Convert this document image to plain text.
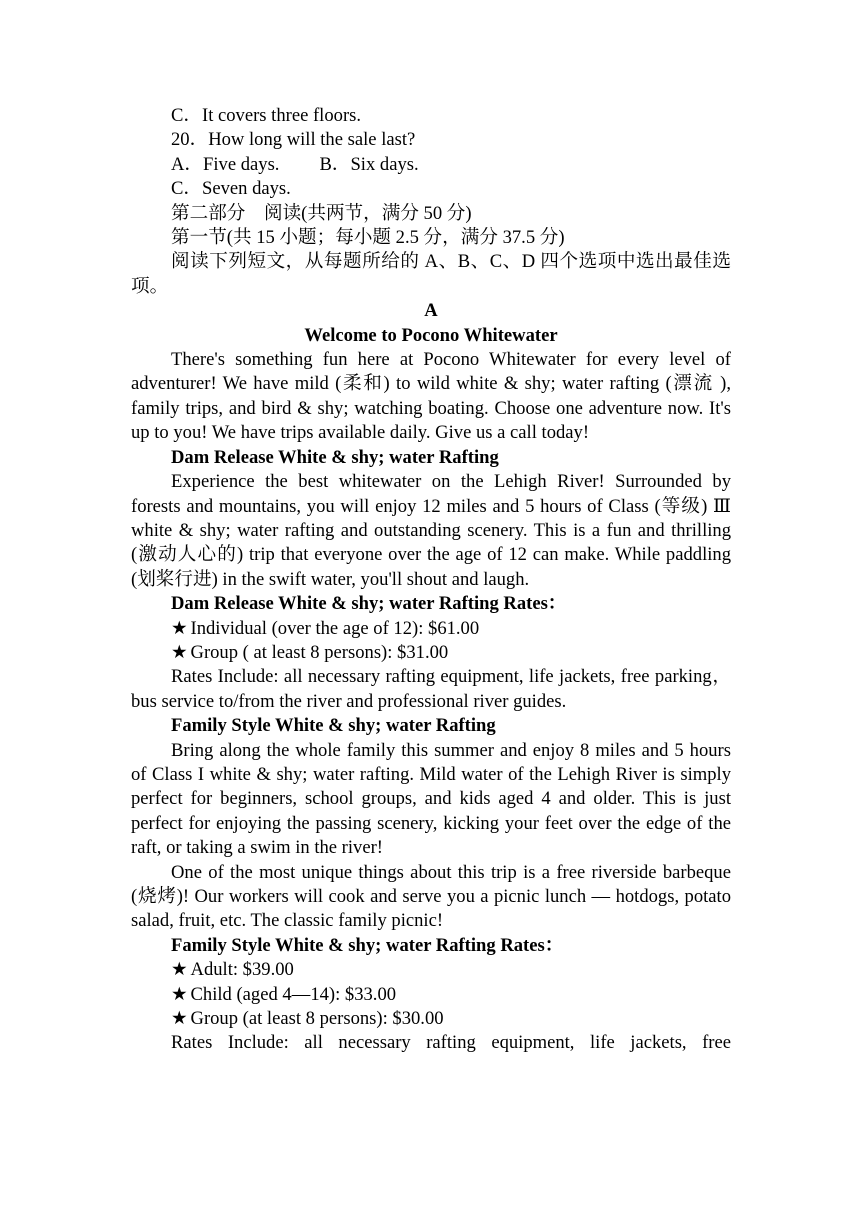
C．It covers three floors.

20．How long will the sale last?

A．Five days. B．Six days.

C．Seven days.

第二部分　阅读(共两节，满分 50 分)

第一节(共 15 小题；每小题 2.5 分，满分 37.5 分)

阅读下列短文，从每题所给的 A、B、C、D 四个选项中选出最佳选项。

A

Welcome to Pocono Whitewater

There's something fun here at Pocono Whitewater for every level of adventurer! We have mild (柔和) to wild white & shy; water rafting (漂流 ), family trips, and bird & shy; watching boating. Choose one adventure now. It's up to you! We have trips available daily. Give us a call today!

Dam Release White & shy; water Rafting

Experience the best whitewater on the Lehigh River! Surrounded by forests and mountains, you will enjoy 12 miles and 5 hours of Class (等级) Ⅲ white & shy; water rafting and outstanding scenery. This is a fun and thrilling (激动人心的) trip that everyone over the age of 12 can make. While paddling (划桨行进) in the swift water, you'll shout and laugh.

Dam Release White & shy; water Rafting Rates：

★ Individual (over the age of 12): $61.00

★ Group ( at least 8 persons): $31.00

Rates Include: all necessary rafting equipment, life jackets, free parking，bus service to/from the river and professional river guides.

Family Style White & shy; water Rafting

Bring along the whole family this summer and enjoy 8 miles and 5 hours of Class I white & shy; water rafting. Mild water of the Lehigh River is simply perfect for beginners, school groups, and kids aged 4 and older. This is just perfect for enjoying the passing scenery, kicking your feet over the edge of the raft, or taking a swim in the river!

One of the most unique things about this trip is a free riverside barbeque (烧烤)! Our workers will cook and serve you a picnic lunch — hotdogs, potato salad, fruit, etc. The classic family picnic!

Family Style White & shy; water Rafting Rates：

★ Adult: $39.00

★ Child (aged 4—14): $33.00

★ Group (at least 8 persons): $30.00

Rates Include: all necessary rafting equipment, life jackets, free
